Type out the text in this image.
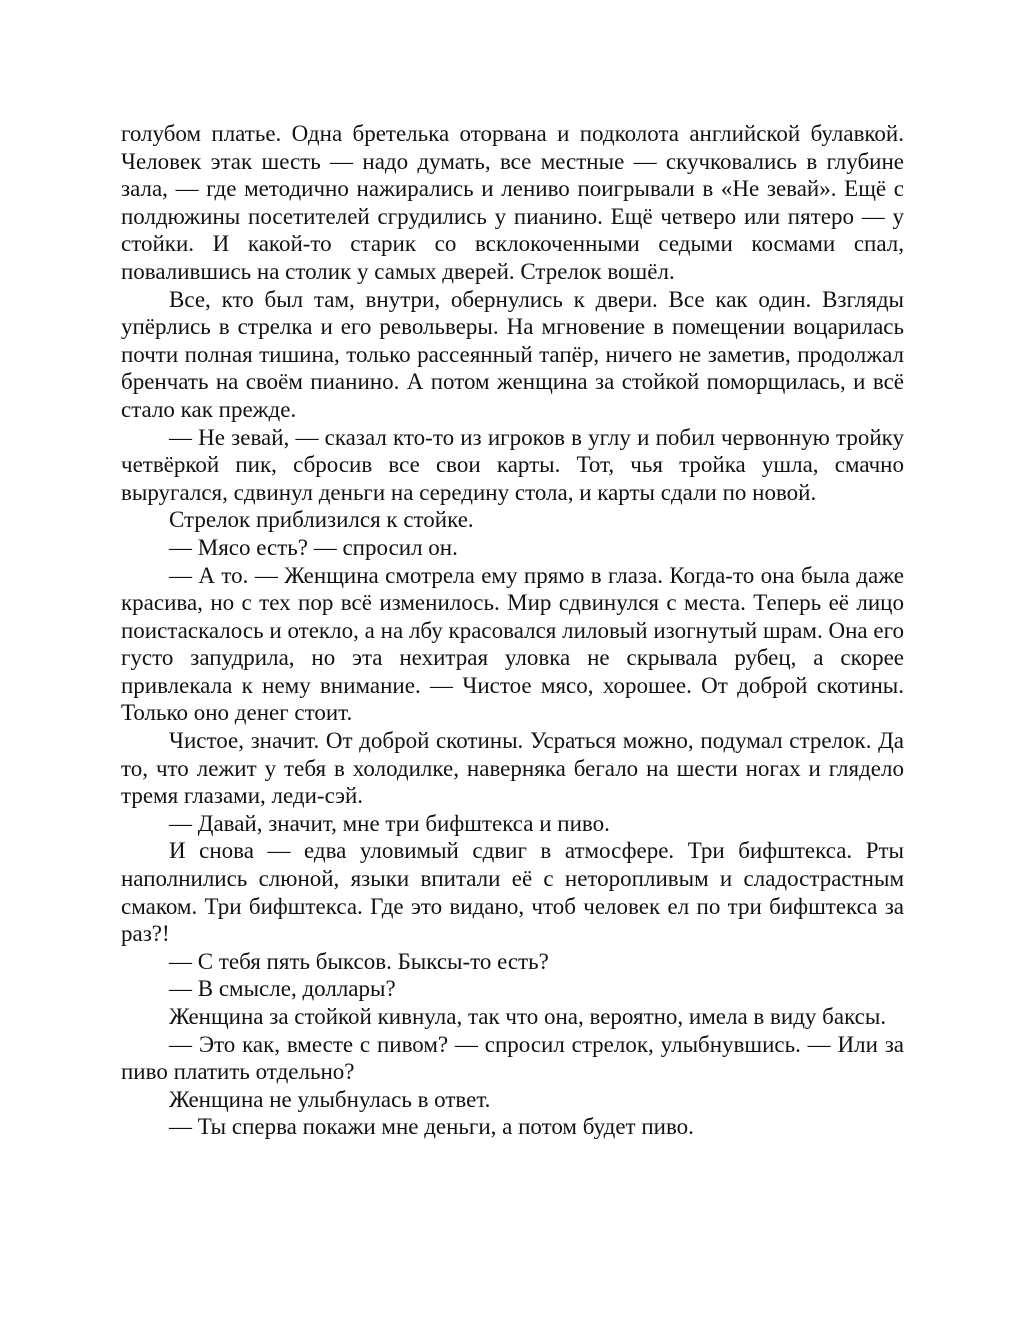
голубом платье. Одна бретелька оторвана и подколота английской булавкой. Человек этак шесть — надо думать, все местные — скучковались в глубине зала, — где методично нажирались и лениво поигрывали в «Не зевай». Ещё с полдюжины посетителей сгрудились у пианино. Ещё четверо или пятеро — у стойки. И какой-то старик со всклокоченными седыми космами спал, повалившись на столик у самых дверей. Стрелок вошёл.

Все, кто был там, внутри, обернулись к двери. Все как один. Взгляды упёрлись в стрелка и его револьверы. На мгновение в помещении воцарилась почти полная тишина, только рассеянный тапёр, ничего не заметив, продолжал бренчать на своём пианино. А потом женщина за стойкой поморщилась, и всё стало как прежде.

— Не зевай, — сказал кто-то из игроков в углу и побил червонную тройку четвёркой пик, сбросив все свои карты. Тот, чья тройка ушла, смачно выругался, сдвинул деньги на середину стола, и карты сдали по новой.

Стрелок приблизился к стойке.

— Мясо есть? — спросил он.

— А то. — Женщина смотрела ему прямо в глаза. Когда-то она была даже красива, но с тех пор всё изменилось. Мир сдвинулся с места. Теперь её лицо поистаскалось и отекло, а на лбу красовался лиловый изогнутый шрам. Она его густо запудрила, но эта нехитрая уловка не скрывала рубец, а скорее привлекала к нему внимание. — Чистое мясо, хорошее. От доброй скотины. Только оно денег стоит.

Чистое, значит. От доброй скотины. Усраться можно, подумал стрелок. Да то, что лежит у тебя в холодилке, наверняка бегало на шести ногах и глядело тремя глазами, леди-сэй.

— Давай, значит, мне три бифштекса и пиво.

И снова — едва уловимый сдвиг в атмосфере. Три бифштекса. Рты наполнились слюной, языки впитали её с неторопливым и сладострастным смаком. Три бифштекса. Где это видано, чтоб человек ел по три бифштекса за раз?!

— С тебя пять быксов. Быксы-то есть?

— В смысле, доллары?

Женщина за стойкой кивнула, так что она, вероятно, имела в виду баксы.

— Это как, вместе с пивом? — спросил стрелок, улыбнувшись. — Или за пиво платить отдельно?

Женщина не улыбнулась в ответ.

— Ты сперва покажи мне деньги, а потом будет пиво.
